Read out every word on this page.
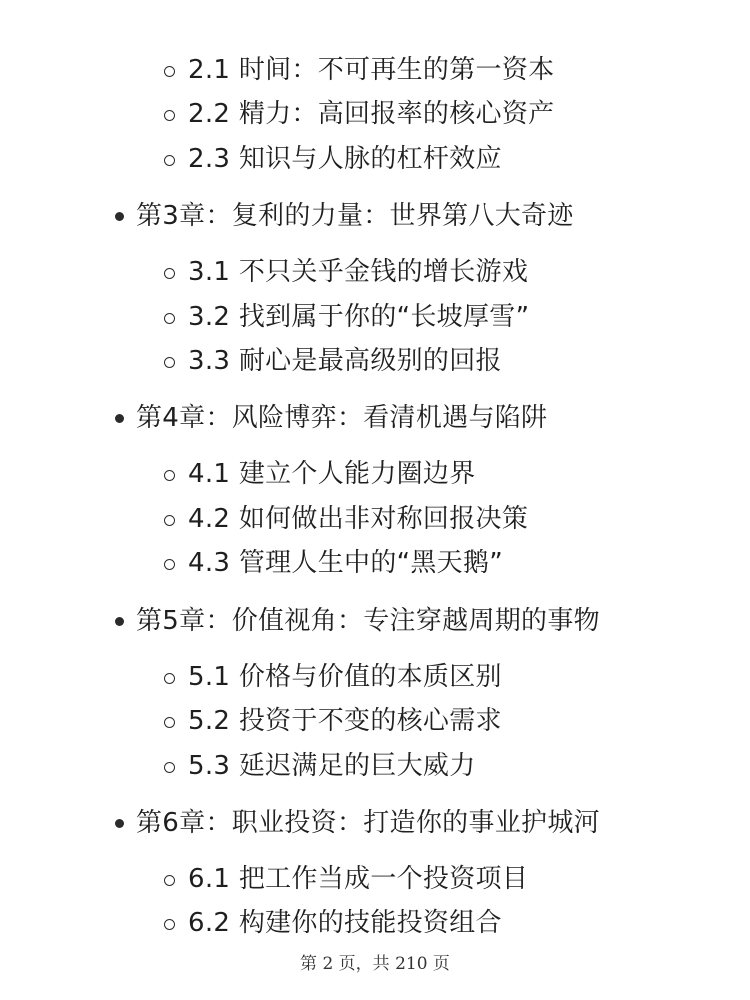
2.1 时间：不可再生的第一资本
2.2 精力：高回报率的核心资产
2.3 知识与人脉的杠杆效应
第3章：复利的力量：世界第八大奇迹
3.1 不只关乎金钱的增长游戏
3.2 找到属于你的“长坡厚雪”
3.3 耐心是最高级别的回报
第4章：风险博弈：看清机遇与陷阱
4.1 建立个人能力圈边界
4.2 如何做出非对称回报决策
4.3 管理人生中的“黑天鹅”
第5章：价值视角：专注穿越周期的事物
5.1 价格与价值的本质区别
5.2 投资于不变的核心需求
5.3 延迟满足的巨大威力
第6章：职业投资：打造你的事业护城河
6.1 把工作当成一个投资项目
6.2 构建你的技能投资组合
第 2 页，共 210 页
